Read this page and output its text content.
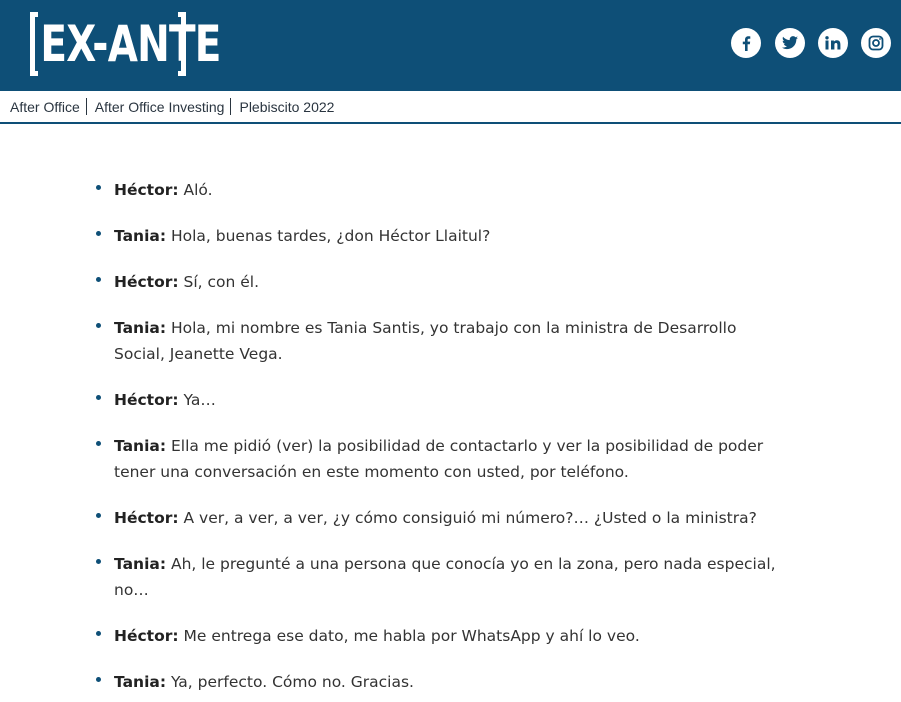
EX-ANTE
After Office After Office Investing Plebiscito 2022
Héctor: Aló.
Tania: Hola, buenas tardes, ¿don Héctor Llaitul?
Héctor: Sí, con él.
Tania: Hola, mi nombre es Tania Santis, yo trabajo con la ministra de Desarrollo Social, Jeanette Vega.
Héctor: Ya…
Tania: Ella me pidió (ver) la posibilidad de contactarlo y ver la posibilidad de poder tener una conversación en este momento con usted, por teléfono.
Héctor: A ver, a ver, a ver, ¿y cómo consiguió mi número?… ¿Usted o la ministra?
Tania: Ah, le pregunté a una persona que conocía yo en la zona, pero nada especial, no…
Héctor: Me entrega ese dato, me habla por WhatsApp y ahí lo veo.
Tania: Ya, perfecto. Cómo no. Gracias.
